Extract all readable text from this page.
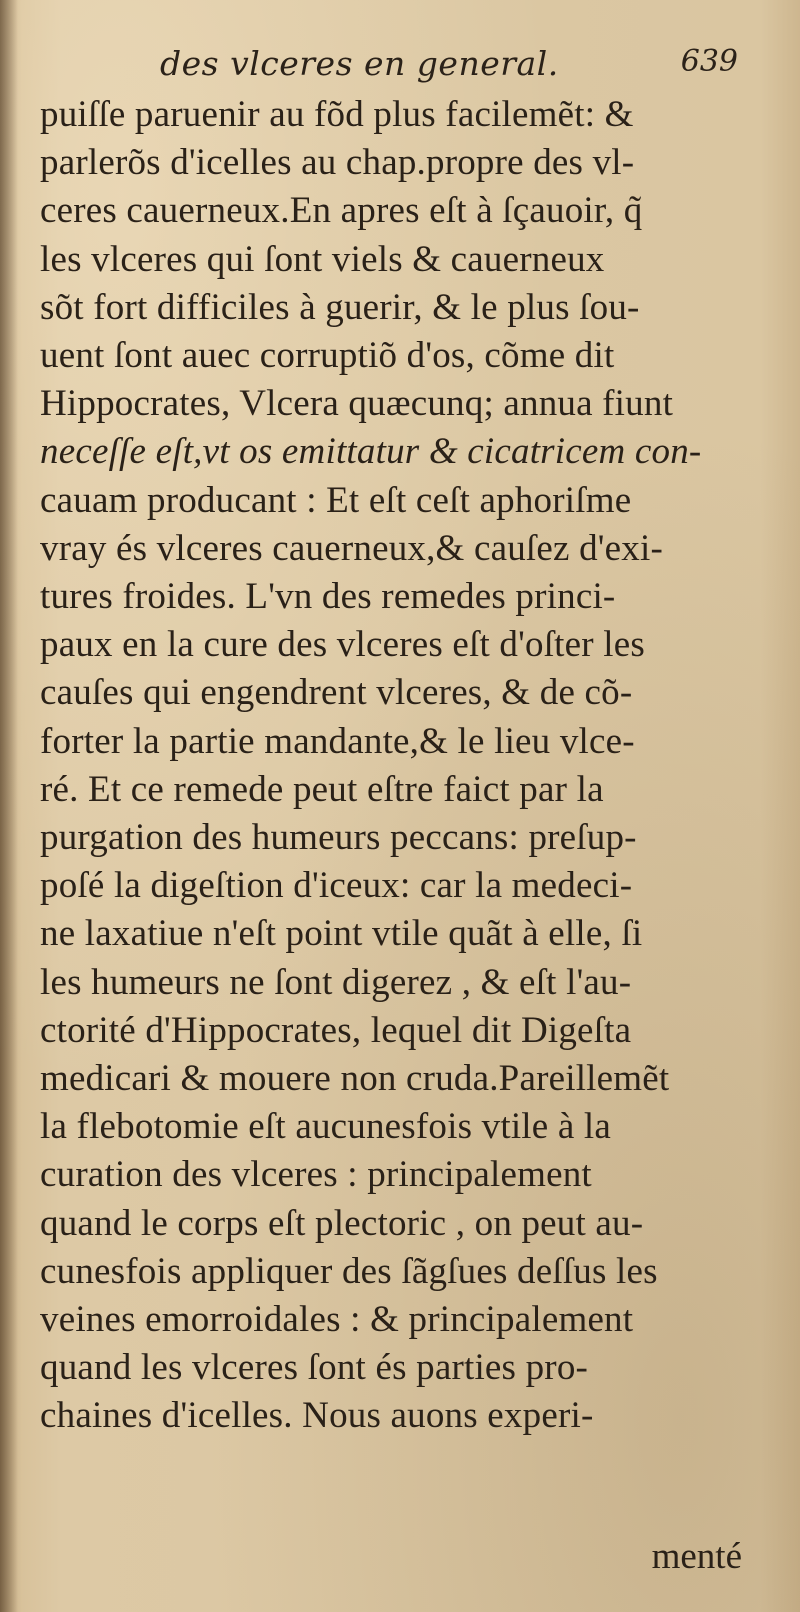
des vlceres en general.	639
puiſſe paruenir au fõd plus facilemẽt: &
parlerõs d'icelles au chap.propre des vl-
ceres cauerneux.En apres eſt à ſçauoir, q̃
les vlceres qui ſont viels & cauerneux
sõt fort difficiles à guerir, & le plus ſou-
uent ſont auec corruptiõ d'os, cõme dit
Hippocrates, Vlcera quæcunq; annua fiunt
neceſſe eſt,vt os emittatur & cicatricem con-
cauam producant : Et eſt ceſt aphoriſme
vray és vlceres cauerneux,& cauſez d'exi-
tures froides. L'vn des remedes princi-
paux en la cure des vlceres eſt d'oſter les
cauſes qui engendrent vlceres, & de cõ-
forter la partie mandante,& le lieu vlce-
ré. Et ce remede peut eſtre faict par la
purgation des humeurs peccans: preſup-
poſé la digeſtion d'iceux: car la medeci-
ne laxatiue n'eſt point vtile quãt à elle, ſi
les humeurs ne ſont digerez , & eſt l'au-
ctorité d'Hippocrates, lequel dit Digeſta
medicari & mouere non cruda.Pareillemẽt
la flebotomie eſt aucunesfois vtile à la
curation des vlceres : principalement
quand le corps eſt plectoric , on peut au-
cunesfois appliquer des ſãgſues deſſus les
veines emorroidales : & principalement
quand les vlceres ſont és parties pro-
chaines d'icelles. Nous auons experi-
menté
